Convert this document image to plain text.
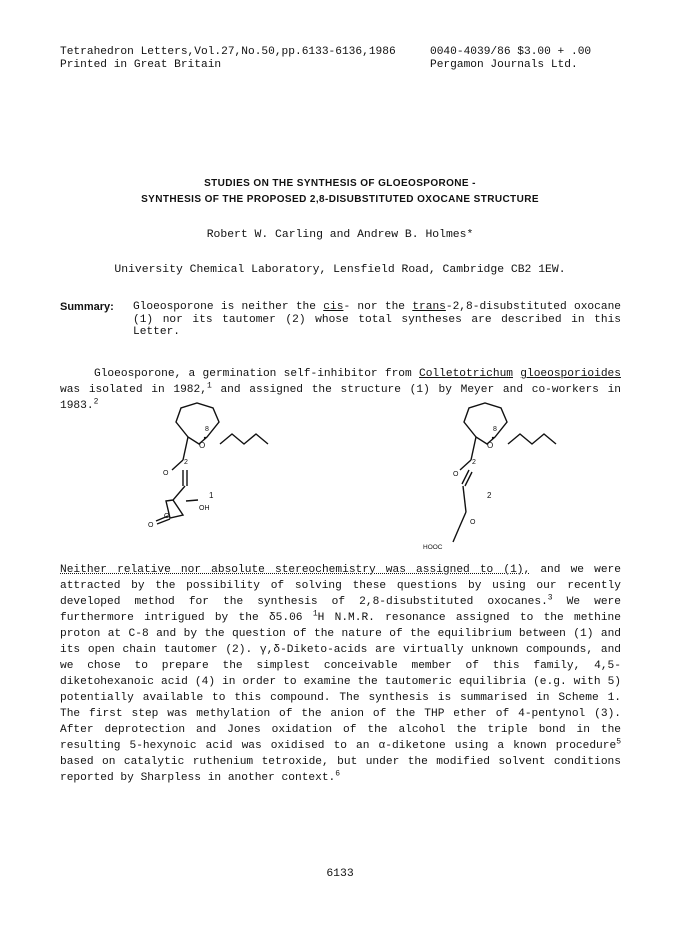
Tetrahedron Letters,Vol.27,No.50,pp.6133-6136,1986
Printed in Great Britain
0040-4039/86 $3.00 + .00
Pergamon Journals Ltd.
STUDIES ON THE SYNTHESIS OF GLOEOSPORONE -
SYNTHESIS OF THE PROPOSED 2,8-DISUBSTITUTED OXOCANE STRUCTURE
Robert W. Carling and Andrew B. Holmes*
University Chemical Laboratory, Lensfield Road, Cambridge CB2 1EW.
Summary: Gloeosporone is neither the cis- nor the trans-2,8-disubstituted oxocane (1) nor its tautomer (2) whose total syntheses are described in this Letter.
Gloeosporone, a germination self-inhibitor from Colletotrichum gloeosporioides was isolated in 1982,$^1$ and assigned the structure (1) by Meyer and co-workers in 1983.$^2$
2
O
8
1
OH
O
O
O
2
O
8
2
O
O
HOOC
Neither relative nor absolute stereochemistry was assigned to (1), and we were attracted by the possibility of solving these questions by using our recently developed method for the synthesis of 2,8-disubstituted oxocanes.$^3$ We were furthermore intrigued by the δ5.06 $^1$H N.M.R. resonance assigned to the methine proton at C-8 and by the question of the nature of the equilibrium between (1) and its open chain tautomer (2). γ,δ-Diketo-acids are virtually unknown compounds, and we chose to prepare the simplest conceivable member of this family, 4,5-diketohexanoic acid (4) in order to examine the tautomeric equilibria (e.g. with 5) potentially available to this compound. The synthesis is summarised in Scheme 1. The first step was methylation of the anion of the THP ether of 4-pentynol (3). After deprotection and Jones oxidation of the alcohol the triple bond in the resulting 5-hexynoic acid was oxidised to an α-diketone using a known procedure$^5$ based on catalytic ruthenium tetroxide, but under the modified solvent conditions reported by Sharpless in another context.$^6$
6133
